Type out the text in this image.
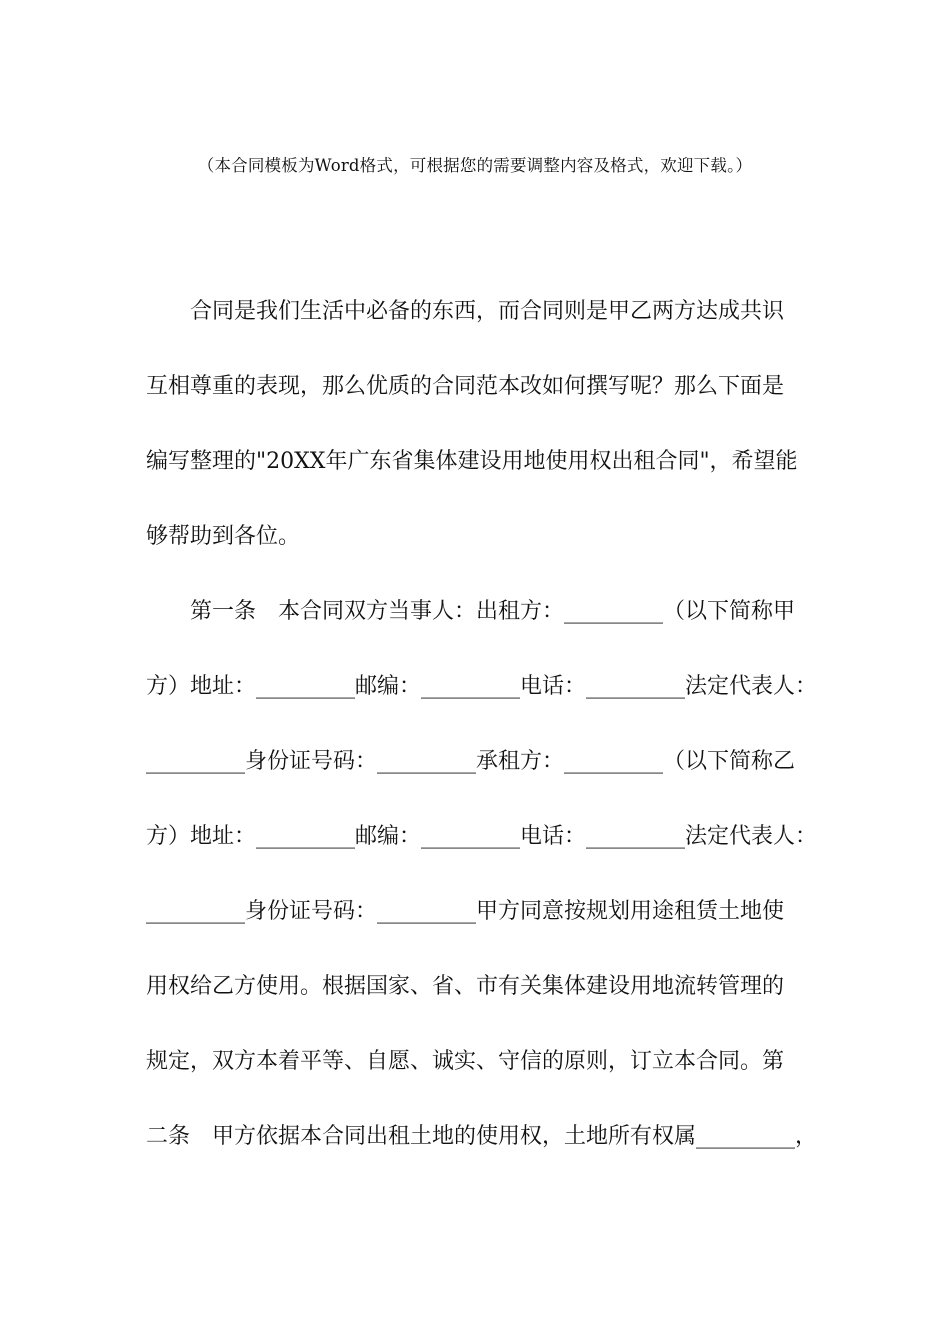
（本合同模板为Word格式，可根据您的需要调整内容及格式，欢迎下载。）
　　合同是我们生活中必备的东西，而合同则是甲乙两方达成共识
互相尊重的表现，那么优质的合同范本改如何撰写呢？那么下面是
编写整理的"20XX年广东省集体建设用地使用权出租合同"，希望能
够帮助到各位。
　　第一条　本合同双方当事人：出租方：_________（以下简称甲
方）地址：_________邮编：_________电话：_________法定代表人：
_________身份证号码：_________承租方：_________（以下简称乙
方）地址：_________邮编：_________电话：_________法定代表人：
_________身份证号码：_________甲方同意按规划用途租赁土地使
用权给乙方使用。根据国家、省、市有关集体建设用地流转管理的
规定，双方本着平等、自愿、诚实、守信的原则，订立本合同。第
二条　甲方依据本合同出租土地的使用权，土地所有权属_________，
